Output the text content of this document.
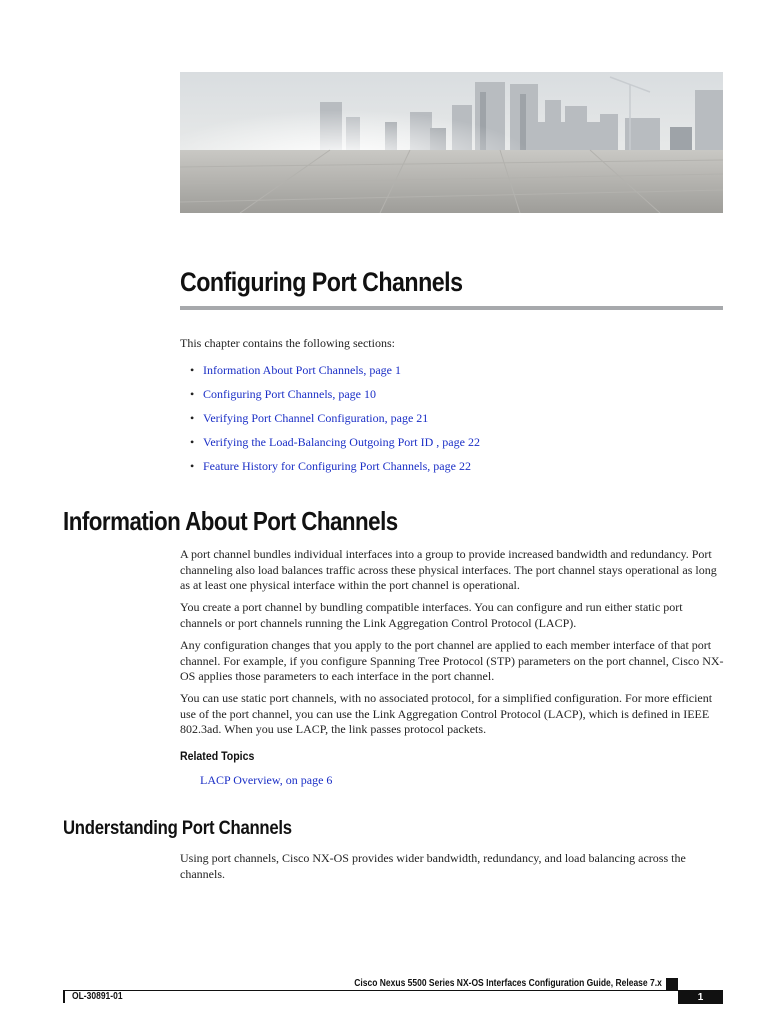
Configuring Port Channels

This chapter contains the following sections:

• Information About Port Channels, page 1
• Configuring Port Channels, page 10
• Verifying Port Channel Configuration, page 21
• Verifying the Load-Balancing Outgoing Port ID , page 22
• Feature History for Configuring Port Channels, page 22
Information About Port Channels

A port channel bundles individual interfaces into a group to provide increased bandwidth and redundancy. Port channeling also load balances traffic across these physical interfaces. The port channel stays operational as long as at least one physical interface within the port channel is operational.

You create a port channel by bundling compatible interfaces. You can configure and run either static port channels or port channels running the Link Aggregation Control Protocol (LACP).

Any configuration changes that you apply to the port channel are applied to each member interface of that port channel. For example, if you configure Spanning Tree Protocol (STP) parameters on the port channel, Cisco NX-OS applies those parameters to each interface in the port channel.

You can use static port channels, with no associated protocol, for a simplified configuration. For more efficient use of the port channel, you can use the Link Aggregation Control Protocol (LACP), which is defined in IEEE 802.3ad. When you use LACP, the link passes protocol packets.

Related Topics
LACP Overview, on page 6
Understanding Port Channels

Using port channels, Cisco NX-OS provides wider bandwidth, redundancy, and load balancing across the channels.

Cisco Nexus 5500 Series NX-OS Interfaces Configuration Guide, Release 7.x
OL-30891-01	1
